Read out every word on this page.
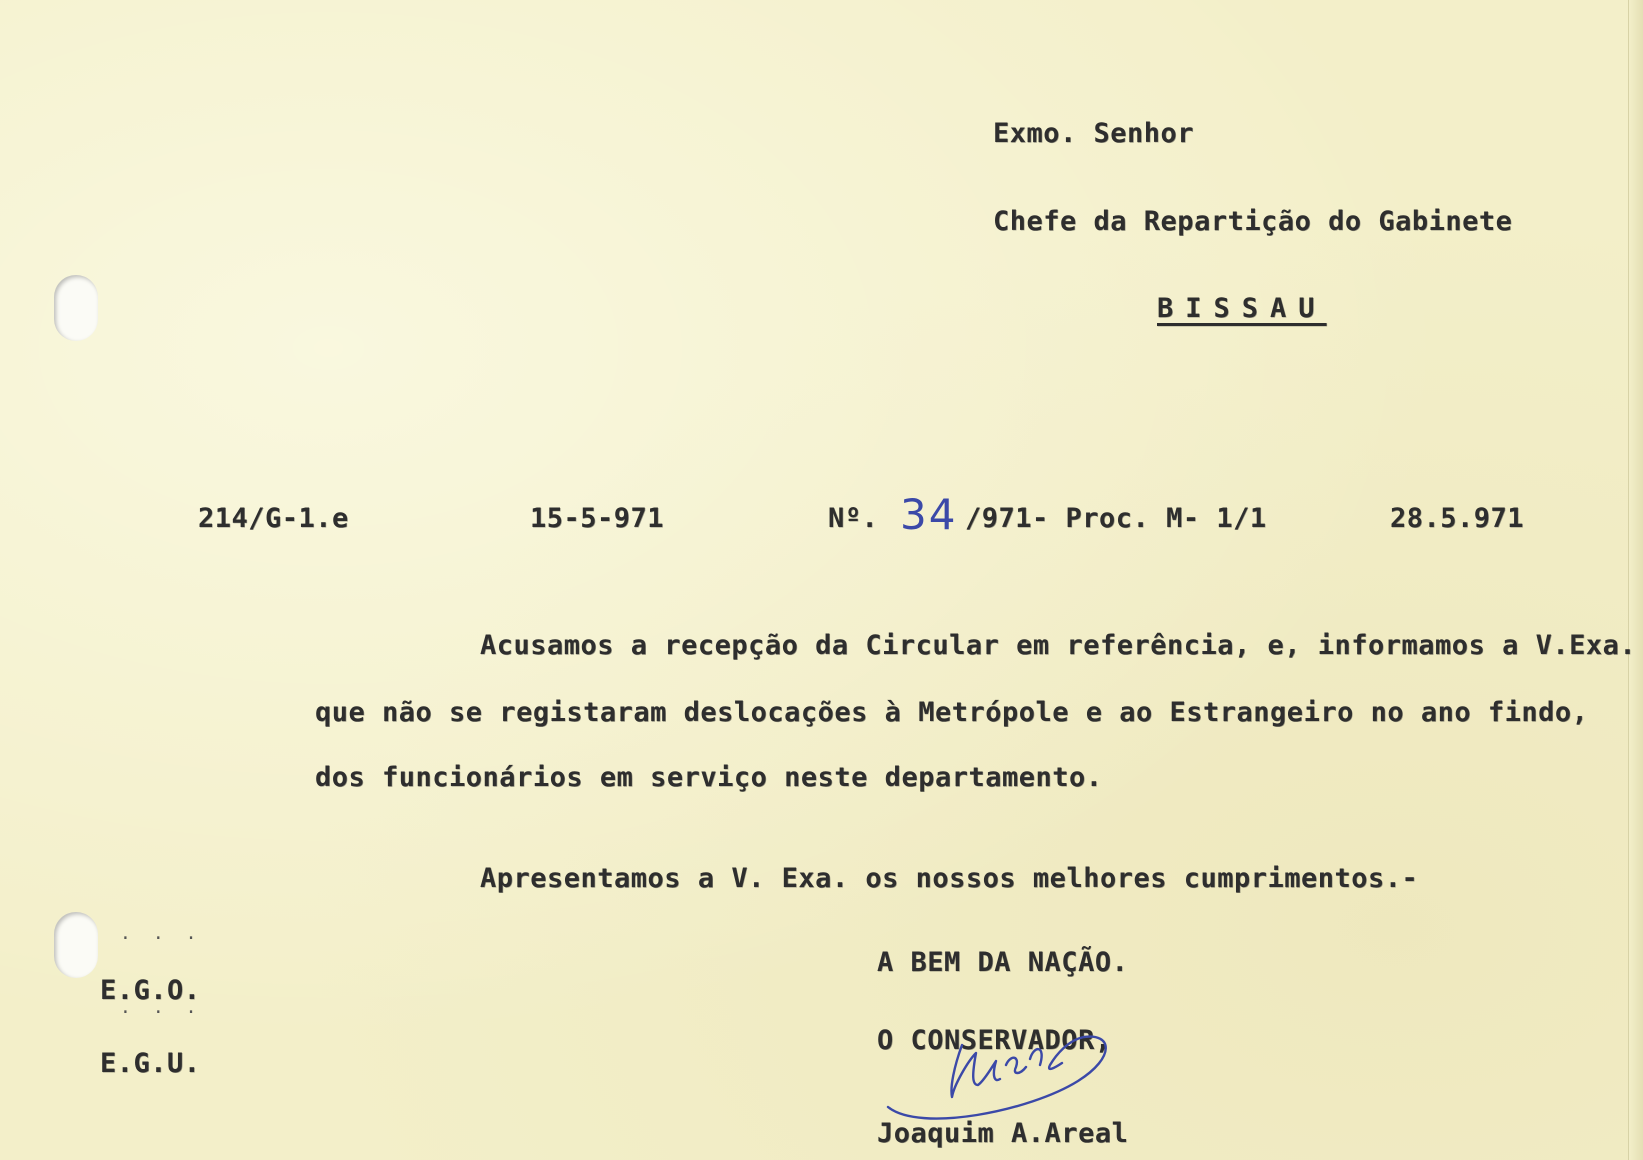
Exmo. Senhor
Chefe da Repartição do Gabinete
BISSAU
214/G-1.e	15-5-971	Nº. 34 /971- Proc. M- 1/1	28.5.971
Acusamos a recepção da Circular em referência, e, informamos a V.Exa.
que não se registaram deslocações à Metrópole e ao Estrangeiro no ano findo,
dos funcionários em serviço neste departamento.
Apresentamos a V. Exa. os nossos melhores cumprimentos.-
A BEM DA NAÇÃO.
O CONSERVADOR,
Joaquim A.Areal
···
E.G.O.
···
E.G.U.
